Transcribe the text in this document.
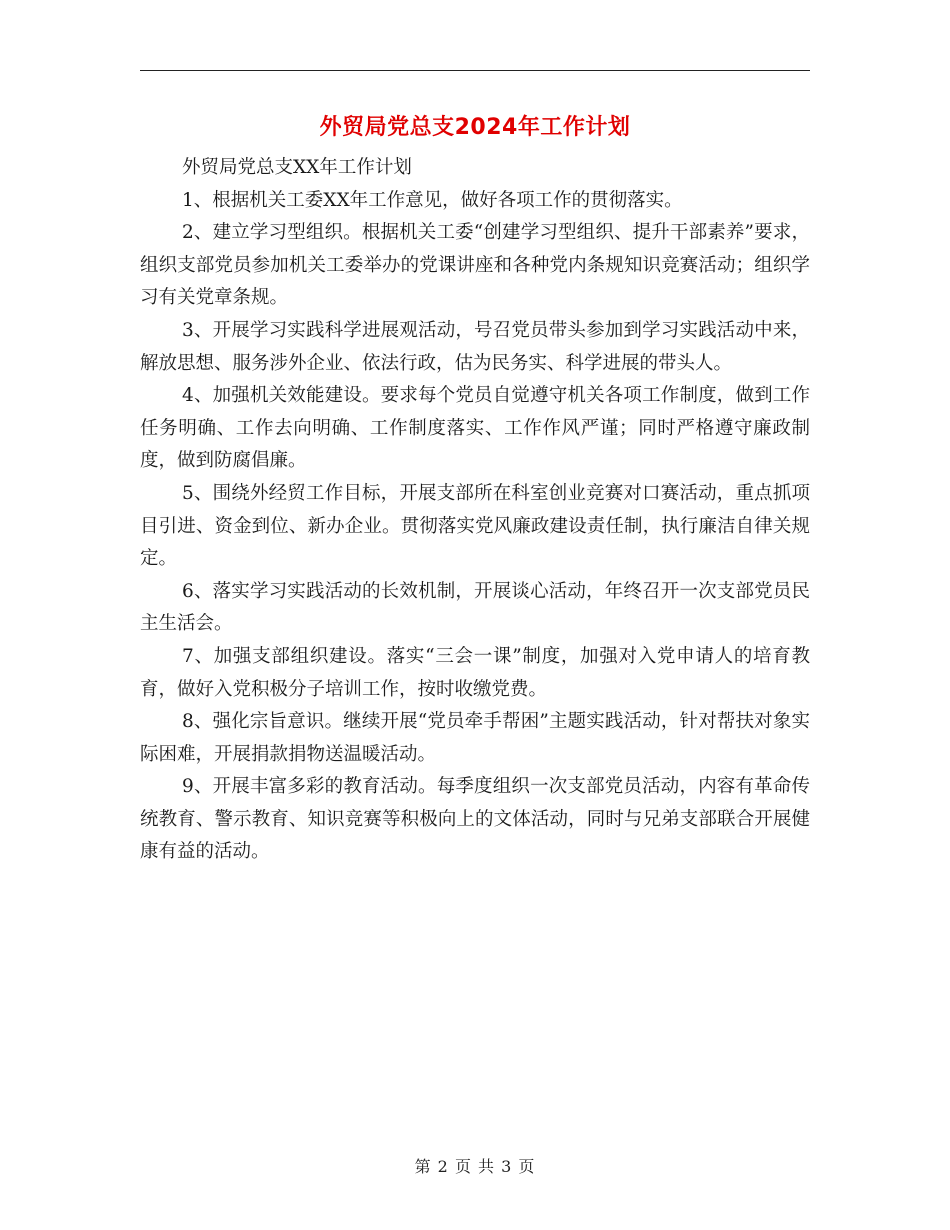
外贸局党总支2024年工作计划

外贸局党总支XX年工作计划

1、根据机关工委XX年工作意见，做好各项工作的贯彻落实。

2、建立学习型组织。根据机关工委“创建学习型组织、提升干部素养”要求，组织支部党员参加机关工委举办的党课讲座和各种党内条规知识竞赛活动；组织学习有关党章条规。

3、开展学习实践科学进展观活动，号召党员带头参加到学习实践活动中来，解放思想、服务涉外企业、依法行政，估为民务实、科学进展的带头人。

4、加强机关效能建设。要求每个党员自觉遵守机关各项工作制度，做到工作任务明确、工作去向明确、工作制度落实、工作作风严谨；同时严格遵守廉政制度，做到防腐倡廉。

5、围绕外经贸工作目标，开展支部所在科室创业竞赛对口赛活动，重点抓项目引进、资金到位、新办企业。贯彻落实党风廉政建设责任制，执行廉洁自律关规定。

6、落实学习实践活动的长效机制，开展谈心活动，年终召开一次支部党员民主生活会。

7、加强支部组织建设。落实“三会一课”制度，加强对入党申请人的培育教育，做好入党积极分子培训工作，按时收缴党费。

8、强化宗旨意识。继续开展“党员牵手帮困”主题实践活动，针对帮扶对象实际困难，开展捐款捐物送温暖活动。

9、开展丰富多彩的教育活动。每季度组织一次支部党员活动，内容有革命传统教育、警示教育、知识竞赛等积极向上的文体活动，同时与兄弟支部联合开展健康有益的活动。

第 2 页 共 3 页
